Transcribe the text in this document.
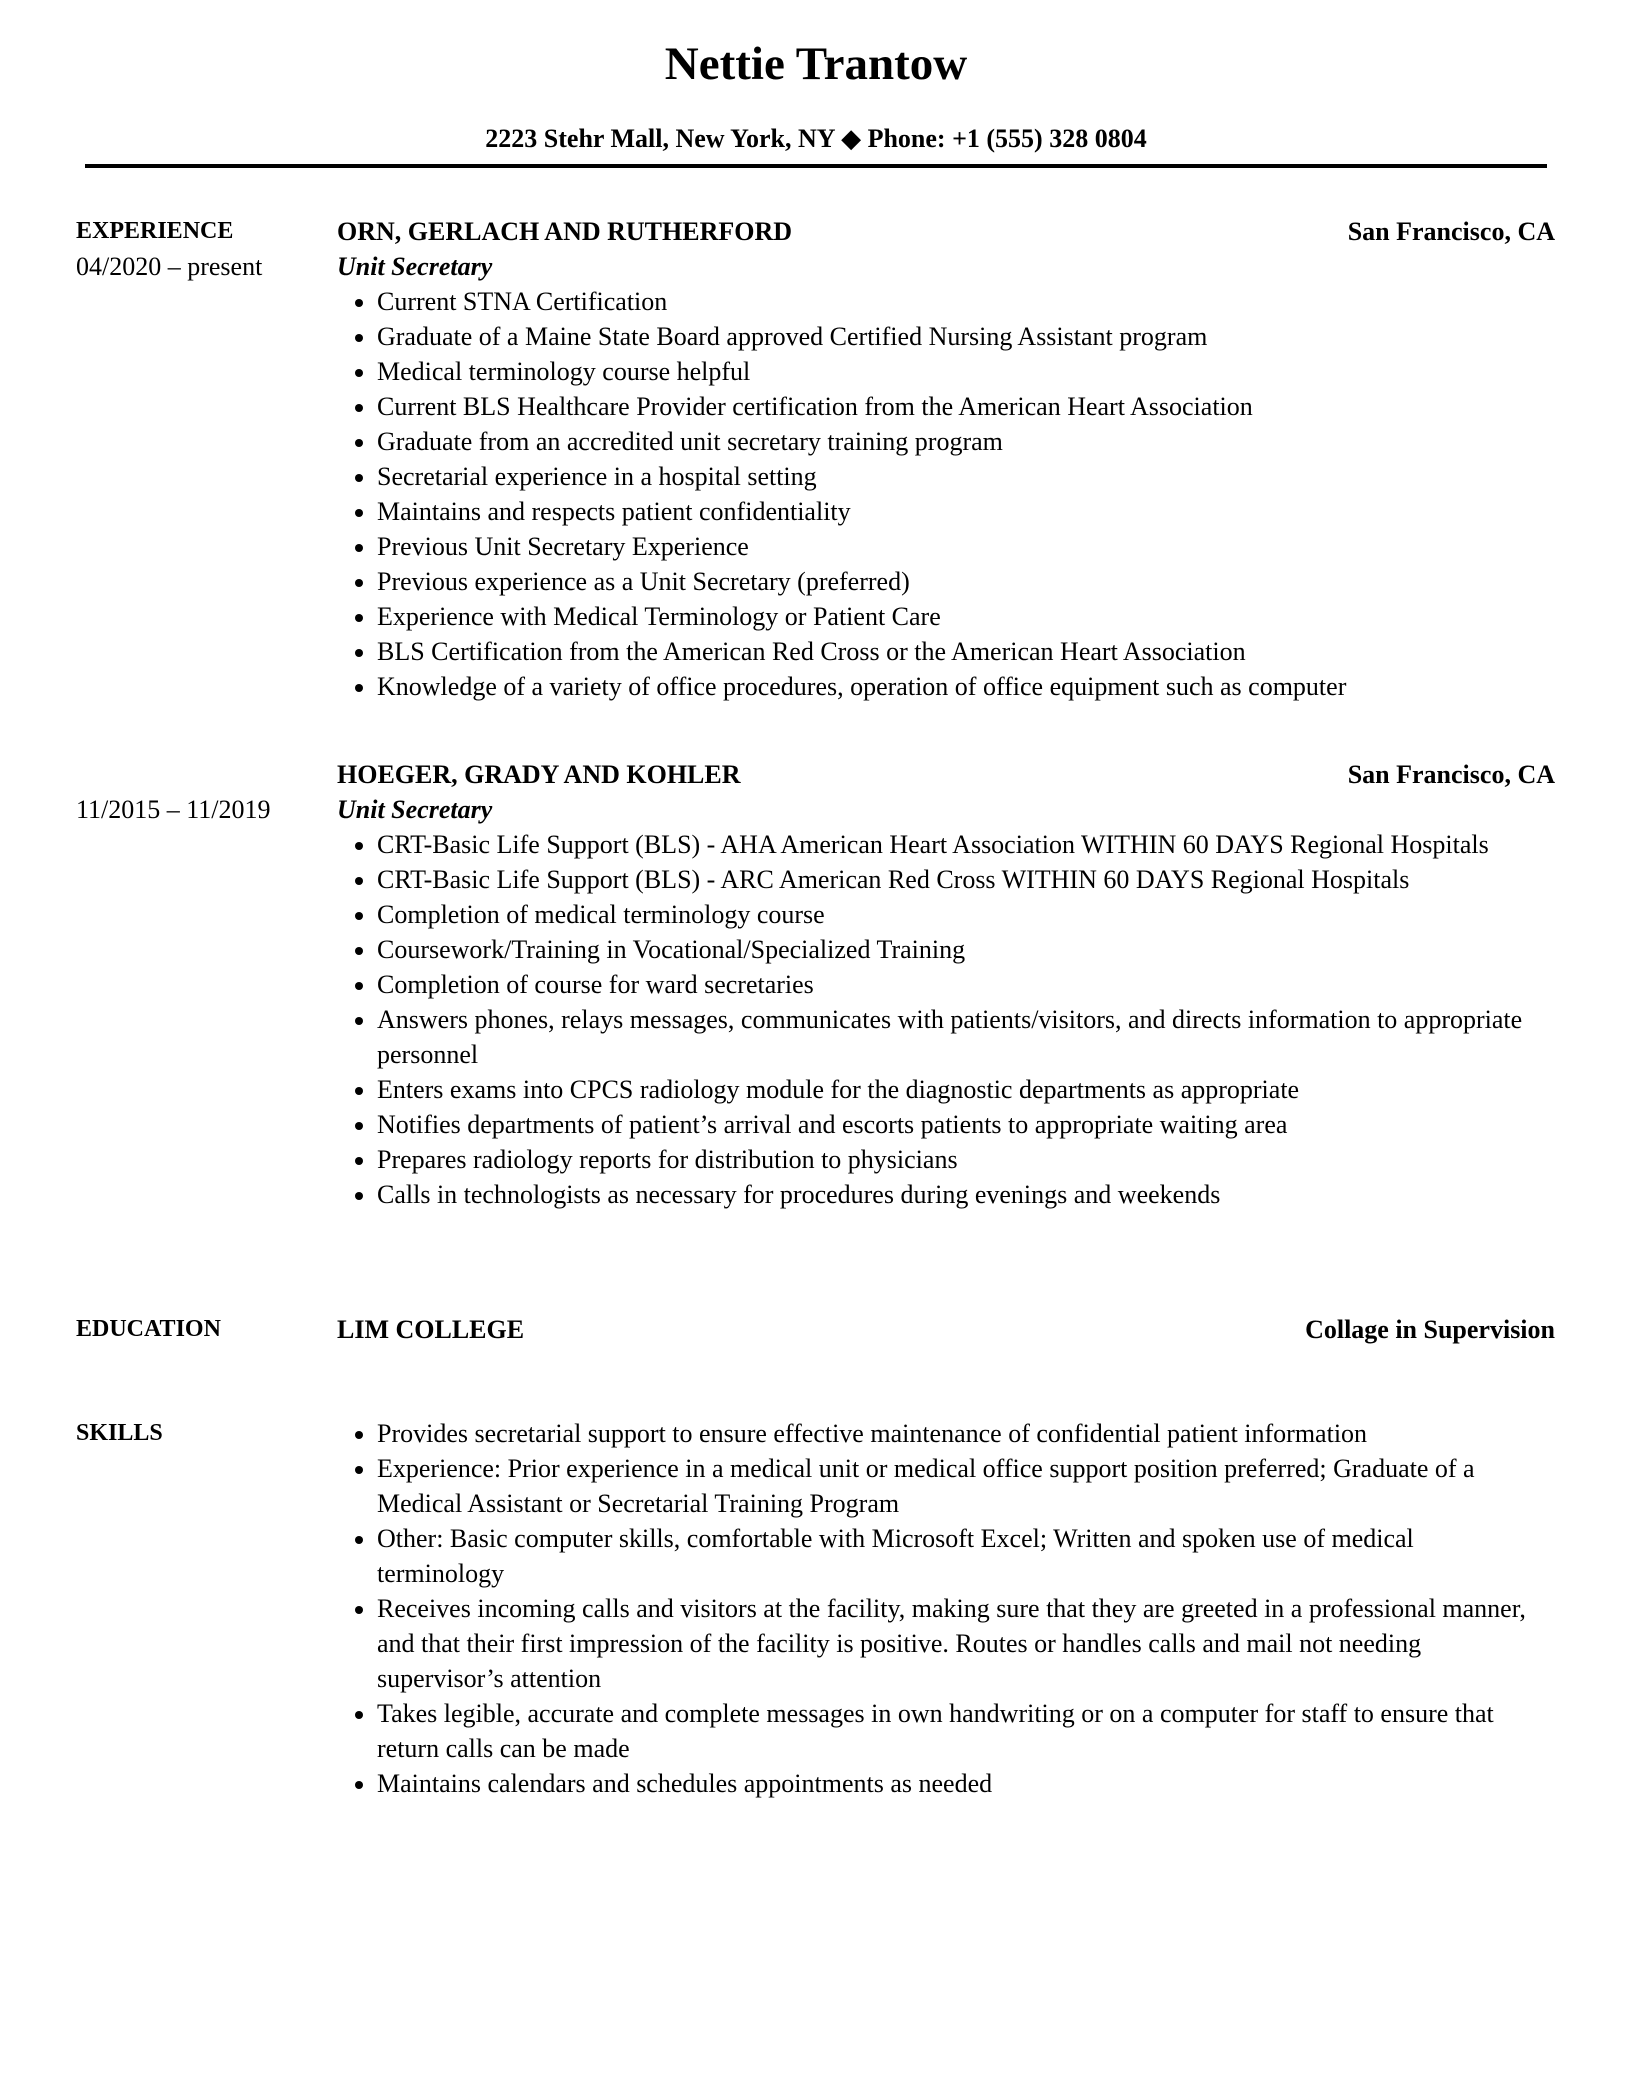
Nettie Trantow
2223 Stehr Mall, New York, NY ◆ Phone: +1 (555) 328 0804
EXPERIENCE	ORN, GERLACH AND RUTHERFORD	San Francisco, CA
04/2020 – present	Unit Secretary
Current STNA Certification
Graduate of a Maine State Board approved Certified Nursing Assistant program
Medical terminology course helpful
Current BLS Healthcare Provider certification from the American Heart Association
Graduate from an accredited unit secretary training program
Secretarial experience in a hospital setting
Maintains and respects patient confidentiality
Previous Unit Secretary Experience
Previous experience as a Unit Secretary (preferred)
Experience with Medical Terminology or Patient Care
BLS Certification from the American Red Cross or the American Heart Association
Knowledge of a variety of office procedures, operation of office equipment such as computer
HOEGER, GRADY AND KOHLER	San Francisco, CA
11/2015 – 11/2019	Unit Secretary
CRT-Basic Life Support (BLS) - AHA American Heart Association WITHIN 60 DAYS Regional Hospitals
CRT-Basic Life Support (BLS) - ARC American Red Cross WITHIN 60 DAYS Regional Hospitals
Completion of medical terminology course
Coursework/Training in Vocational/Specialized Training
Completion of course for ward secretaries
Answers phones, relays messages, communicates with patients/visitors, and directs information to appropriate personnel
Enters exams into CPCS radiology module for the diagnostic departments as appropriate
Notifies departments of patient’s arrival and escorts patients to appropriate waiting area
Prepares radiology reports for distribution to physicians
Calls in technologists as necessary for procedures during evenings and weekends
EDUCATION	LIM COLLEGE	Collage in Supervision
SKILLS	Provides secretarial support to ensure effective maintenance of confidential patient information
Experience: Prior experience in a medical unit or medical office support position preferred; Graduate of a Medical Assistant or Secretarial Training Program
Other: Basic computer skills, comfortable with Microsoft Excel; Written and spoken use of medical terminology
Receives incoming calls and visitors at the facility, making sure that they are greeted in a professional manner, and that their first impression of the facility is positive. Routes or handles calls and mail not needing supervisor’s attention
Takes legible, accurate and complete messages in own handwriting or on a computer for staff to ensure that return calls can be made
Maintains calendars and schedules appointments as needed
